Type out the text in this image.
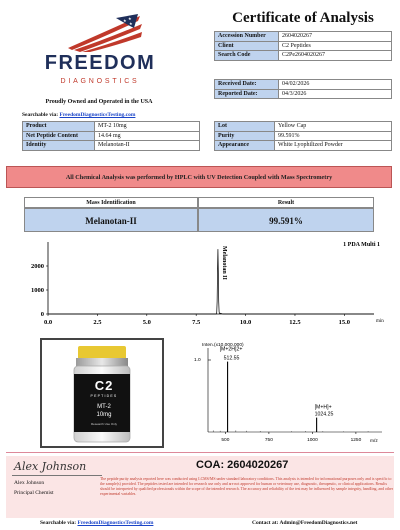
★ ★
★
FREEDOM
DIAGNOSTICS
Proudly Owned and Operated in the USA
Searchable via: FreedomDiagnosticsTesting.com
Certificate of Analysis
Accession Number	2604020267
Client	C2 Peptides
Search Code	C2Pe2604020267
Received Date:	04/02/2026
Reported Date:	04/3/2026
Product	MT-2 10mg
Net Peptide Content	14.64 mg
Identity	Melanotan-II
Lot	Yellow Cap
Purity	99.591%
Appearance	White Lyophilized Powder
All Chemical Analysis was performed by HPLC with UV Detection Coupled with Mass Spectrometry
Mass Identification	Result
Melanotan-II	99.591%
min
1 PDA Multi 1
0.0	2.5	5.0	7.5	10.0	12.5	15.0
2000
1000
0
Melanotan II
C2
PEPTIDES
MT-2
10mg
Research Use Only
Inten.(x10,000,000)
1.0
m/z
500	750	1000	1250
[M+2H]2+
512.55
[M+H]+
1024.25
Alex Johnson
Alex Johnson
Principal Chemist
COA: 2604020267
The peptide purity analysis reported here was conducted using LCMS/MS under standard laboratory conditions. This analysis is intended for informational purposes only and is specific to the sample(s) provided. The peptides tested are intended for research use only and are not approved for human or veterinary use, diagnostic, therapeutic, or clinical applications. Results should be interpreted by qualified professionals within the scope of the intended research. The accuracy and reliability of the test may be influenced by sample integrity, handling, and other experimental variables.
Searchable via: FreedomDiagnosticsTesting.com	Contact at: Admin@FreedomDiagnostics.net
